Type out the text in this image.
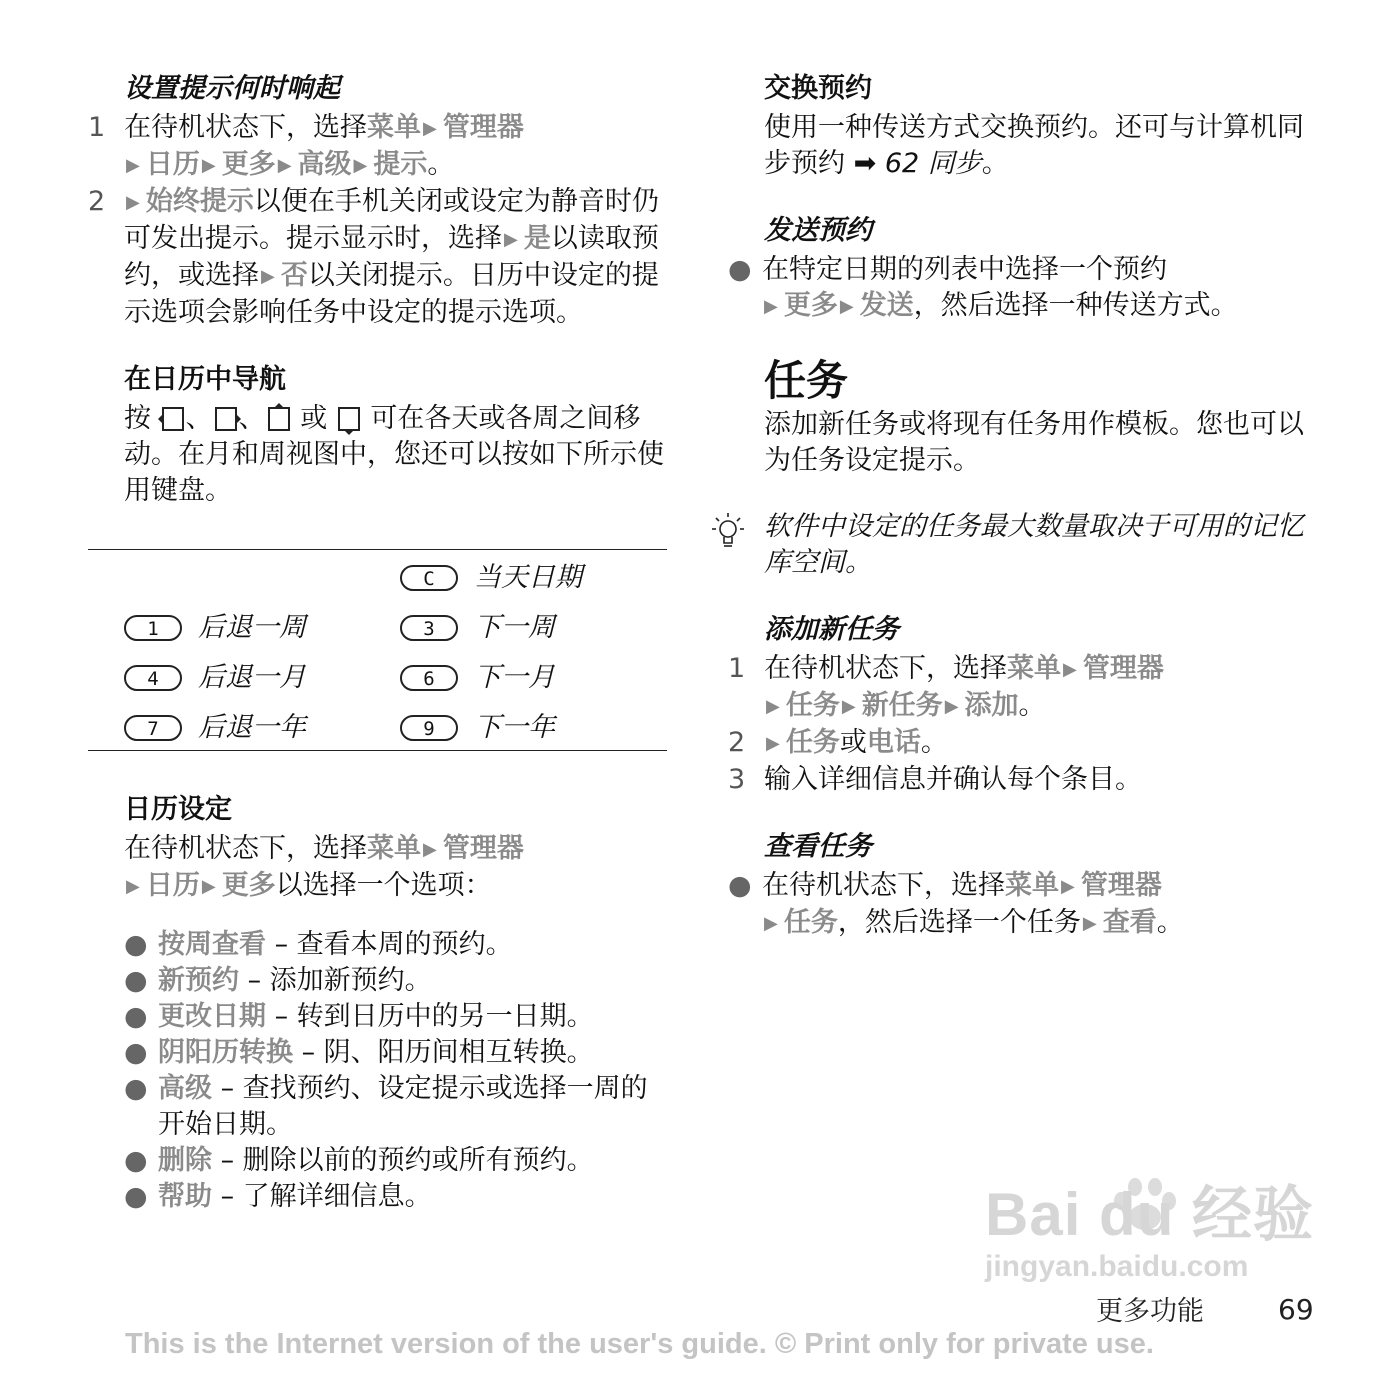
设置提示何时响起
1 在待机状态下，选择菜单 ▶ 管理器
▶ 日历 ▶ 更多 ▶ 高级 ▶ 提示。
2 ▶ 始终提示以便在手机关闭或设定为静音时仍可发出提示。提示显示时，选择 ▶ 是以读取预约，或选择 ▶ 否以关闭提示。日历中设定的提示选项会影响任务中设定的提示选项。
在日历中导航
按 、 、 或 可在各天或各周之间移动。在月和周视图中，您还可以按如下所示使用键盘。
C	当天日期
1	后退一周	3	下一周
4	后退一月	6	下一月
7	后退一年	9	下一年
日历设定
在待机状态下，选择菜单 ▶ 管理器
▶ 日历 ▶ 更多以选择一个选项：
● 按周查看 – 查看本周的预约。
● 新预约 – 添加新预约。
● 更改日期 – 转到日历中的另一日期。
● 阴阳历转换 – 阴、阳历间相互转换。
● 高级 – 查找预约、设定提示或选择一周的开始日期。
● 删除 – 删除以前的预约或所有预约。
● 帮助 – 了解详细信息。
交换预约
使用一种传送方式交换预约。还可与计算机同步预约 ➡ 62 同步。
发送预约
● 在特定日期的列表中选择一个预约
▶ 更多 ▶ 发送，然后选择一种传送方式。
任务
添加新任务或将现有任务用作模板。您也可以为任务设定提示。
软件中设定的任务最大数量取决于可用的记忆库空间。
添加新任务
1 在待机状态下，选择菜单 ▶ 管理器
▶ 任务 ▶ 新任务 ▶ 添加。
2 ▶ 任务或电话。
3 输入详细信息并确认每个条目。
查看任务
● 在待机状态下，选择菜单 ▶ 管理器
▶ 任务，然后选择一个任务 ▶ 查看。
Bai du 经验
jingyan.baidu.com
更多功能	69
This is the Internet version of the user's guide. © Print only for private use.
